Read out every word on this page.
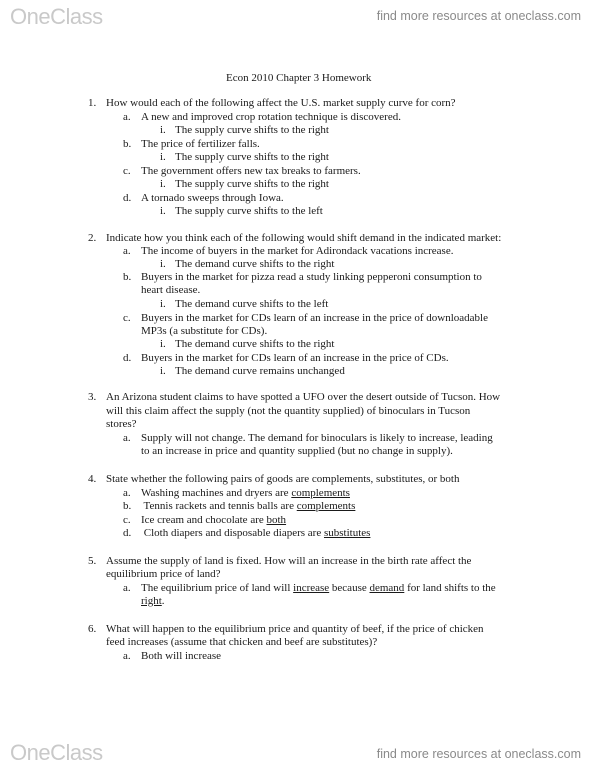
OneClass	find more resources at oneclass.com
Econ 2010 Chapter 3 Homework
1. How would each of the following affect the U.S. market supply curve for corn?
a. A new and improved crop rotation technique is discovered.
i. The supply curve shifts to the right
b. The price of fertilizer falls.
i. The supply curve shifts to the right
c. The government offers new tax breaks to farmers.
i. The supply curve shifts to the right
d. A tornado sweeps through Iowa.
i. The supply curve shifts to the left
2. Indicate how you think each of the following would shift demand in the indicated market:
a. The income of buyers in the market for Adirondack vacations increase.
i. The demand curve shifts to the right
b. Buyers in the market for pizza read a study linking pepperoni consumption to
heart disease.
i. The demand curve shifts to the left
c. Buyers in the market for CDs learn of an increase in the price of downloadable
MP3s (a substitute for CDs).
i. The demand curve shifts to the right
d. Buyers in the market for CDs learn of an increase in the price of CDs.
i. The demand curve remains unchanged
3. An Arizona student claims to have spotted a UFO over the desert outside of Tucson. How
will this claim affect the supply (not the quantity supplied) of binoculars in Tucson
stores?
a. Supply will not change. The demand for binoculars is likely to increase, leading
to an increase in price and quantity supplied (but no change in supply).
4. State whether the following pairs of goods are complements, substitutes, or both
a. Washing machines and dryers are complements
b. Tennis rackets and tennis balls are complements
c. Ice cream and chocolate are both
d. Cloth diapers and disposable diapers are substitutes
5. Assume the supply of land is fixed. How will an increase in the birth rate affect the
equilibrium price of land?
a. The equilibrium price of land will increase because demand for land shifts to the
right.
6. What will happen to the equilibrium price and quantity of beef, if the price of chicken
feed increases (assume that chicken and beef are substitutes)?
a. Both will increase
OneClass	find more resources at oneclass.com
